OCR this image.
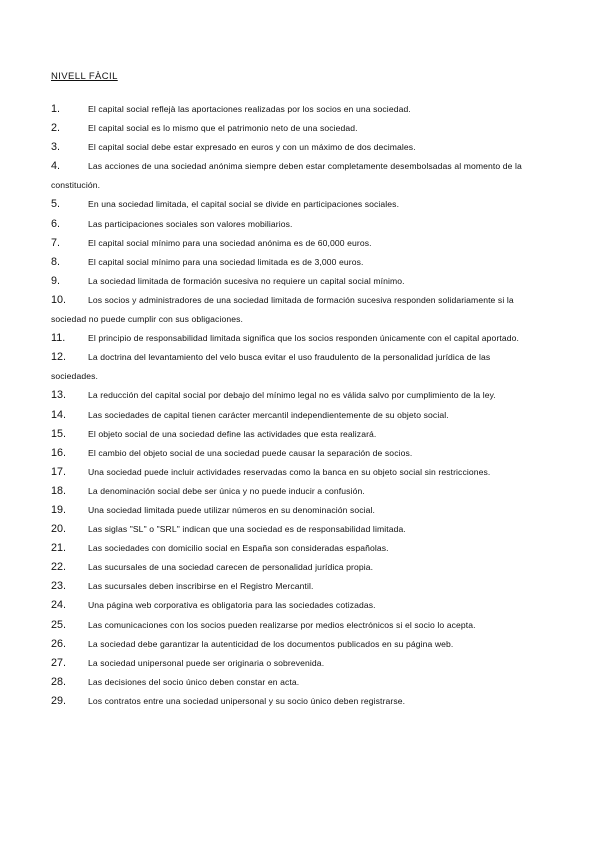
NIVELL FÀCIL
1.	El capital social reflejà las aportaciones realizadas por los socios en una sociedad.
2.	El capital social es lo mismo que el patrimonio neto de una sociedad.
3.	El capital social debe estar expresado en euros y con un máximo de dos decimales.
4.	Las acciones de una sociedad anónima siempre deben estar completamente desembolsadas al momento de la constitución.
5.	En una sociedad limitada, el capital social se divide en participaciones sociales.
6.	Las participaciones sociales son valores mobiliarios.
7.	El capital social mínimo para una sociedad anónima es de 60,000 euros.
8.	El capital social mínimo para una sociedad limitada es de 3,000 euros.
9.	La sociedad limitada de formación sucesiva no requiere un capital social mínimo.
10.	Los socios y administradores de una sociedad limitada de formación sucesiva responden solidariamente si la sociedad no puede cumplir con sus obligaciones.
11.	El principio de responsabilidad limitada significa que los socios responden únicamente con el capital aportado.
12.	La doctrina del levantamiento del velo busca evitar el uso fraudulento de la personalidad jurídica de las sociedades.
13.	La reducción del capital social por debajo del mínimo legal no es válida salvo por cumplimiento de la ley.
14.	Las sociedades de capital tienen carácter mercantil independientemente de su objeto social.
15.	El objeto social de una sociedad define las actividades que esta realizará.
16.	El cambio del objeto social de una sociedad puede causar la separación de socios.
17.	Una sociedad puede incluir actividades reservadas como la banca en su objeto social sin restricciones.
18.	La denominación social debe ser única y no puede inducir a confusión.
19.	Una sociedad limitada puede utilizar números en su denominación social.
20.	Las siglas "SL" o "SRL" indican que una sociedad es de responsabilidad limitada.
21.	Las sociedades con domicilio social en España son consideradas españolas.
22.	Las sucursales de una sociedad carecen de personalidad jurídica propia.
23.	Las sucursales deben inscribirse en el Registro Mercantil.
24.	Una página web corporativa es obligatoria para las sociedades cotizadas.
25.	Las comunicaciones con los socios pueden realizarse por medios electrónicos si el socio lo acepta.
26.	La sociedad debe garantizar la autenticidad de los documentos publicados en su página web.
27.	La sociedad unipersonal puede ser originaria o sobrevenida.
28.	Las decisiones del socio único deben constar en acta.
29.	Los contratos entre una sociedad unipersonal y su socio único deben registrarse.
